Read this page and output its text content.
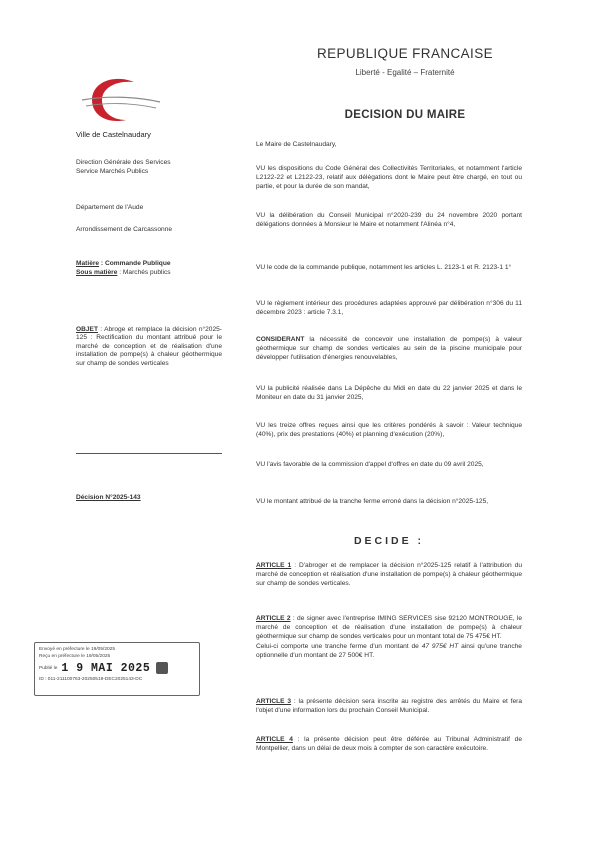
REPUBLIQUE FRANCAISE
Liberté - Egalité – Fraternité
DECISION DU MAIRE
Ville de Castelnaudary
Direction Générale des Services
Service Marchés Publics
Département de l'Aude
Arrondissement de Carcassonne
Matière : Commande Publique
Sous matière : Marchés publics
OBJET : Abroge et remplace la décision n°2025-125 : Rectification du montant attribué pour le marché de conception et de réalisation d'une installation de pompe(s) à chaleur géothermique sur champ de sondes verticales
Décision N°2025-143
Le Maire de Castelnaudary,
VU les dispositions du Code Général des Collectivités Territoriales, et notamment l'article L2122-22 et L2122-23, relatif aux délégations dont le Maire peut être chargé, en tout ou partie, et pour la durée de son mandat,
VU la délibération du Conseil Municipal n°2020-239 du 24 novembre 2020 portant délégations données à Monsieur le Maire et notamment l'Alinéa n°4,
VU le code de la commande publique, notamment les articles L. 2123-1 et R. 2123-1 1°
VU le règlement intérieur des procédures adaptées approuvé par délibération n°306 du 11 décembre 2023 : article 7.3.1,
CONSIDERANT la nécessité de concevoir une installation de pompe(s) à valeur géothermique sur champ de sondes verticales au sein de la piscine municipale pour développer l'utilisation d'énergies renouvelables,
VU la publicité réalisée dans La Dépêche du Midi en date du 22 janvier 2025 et dans le Moniteur en date du 31 janvier 2025,
VU les treize offres reçues ainsi que les critères pondérés à savoir : Valeur technique (40%), prix des prestations (40%) et planning d'exécution (20%),
VU l'avis favorable de la commission d'appel d'offres en date du 09 avril 2025,
VU le montant attribué de la tranche ferme erroné dans la décision n°2025-125,
DECIDE :
ARTICLE 1 : D'abroger et de remplacer la décision n°2025-125 relatif à l'attribution du marché de conception et réalisation d'une installation de pompe(s) à chaleur géothermique sur champ de sondes verticales.
ARTICLE 2 : de signer avec l'entreprise IMING SERVICES sise 92120 MONTROUGE, le marché de conception et de réalisation d'une installation de pompe(s) à chaleur géothermique sur champ de sondes verticales pour un montant total de 75 475€ HT.
Celui-ci comporte une tranche ferme d'un montant de 47 975€ HT ainsi qu'une tranche optionnelle d'un montant de 27 500€ HT.
ARTICLE 3 : la présente décision sera inscrite au registre des arrêtés du Maire et fera l'objet d'une information lors du prochain Conseil Municipal.
ARTICLE 4 : la présente décision peut être déférée au Tribunal Administratif de Montpellier, dans un délai de deux mois à compter de son caractère exécutoire.
Envoyé en préfecture le 19/05/2025
Reçu en préfecture le 19/05/2025
Publié le 1 9 MAI 2025
ID : 011-211100763-20250519-DEC2025143-DC
